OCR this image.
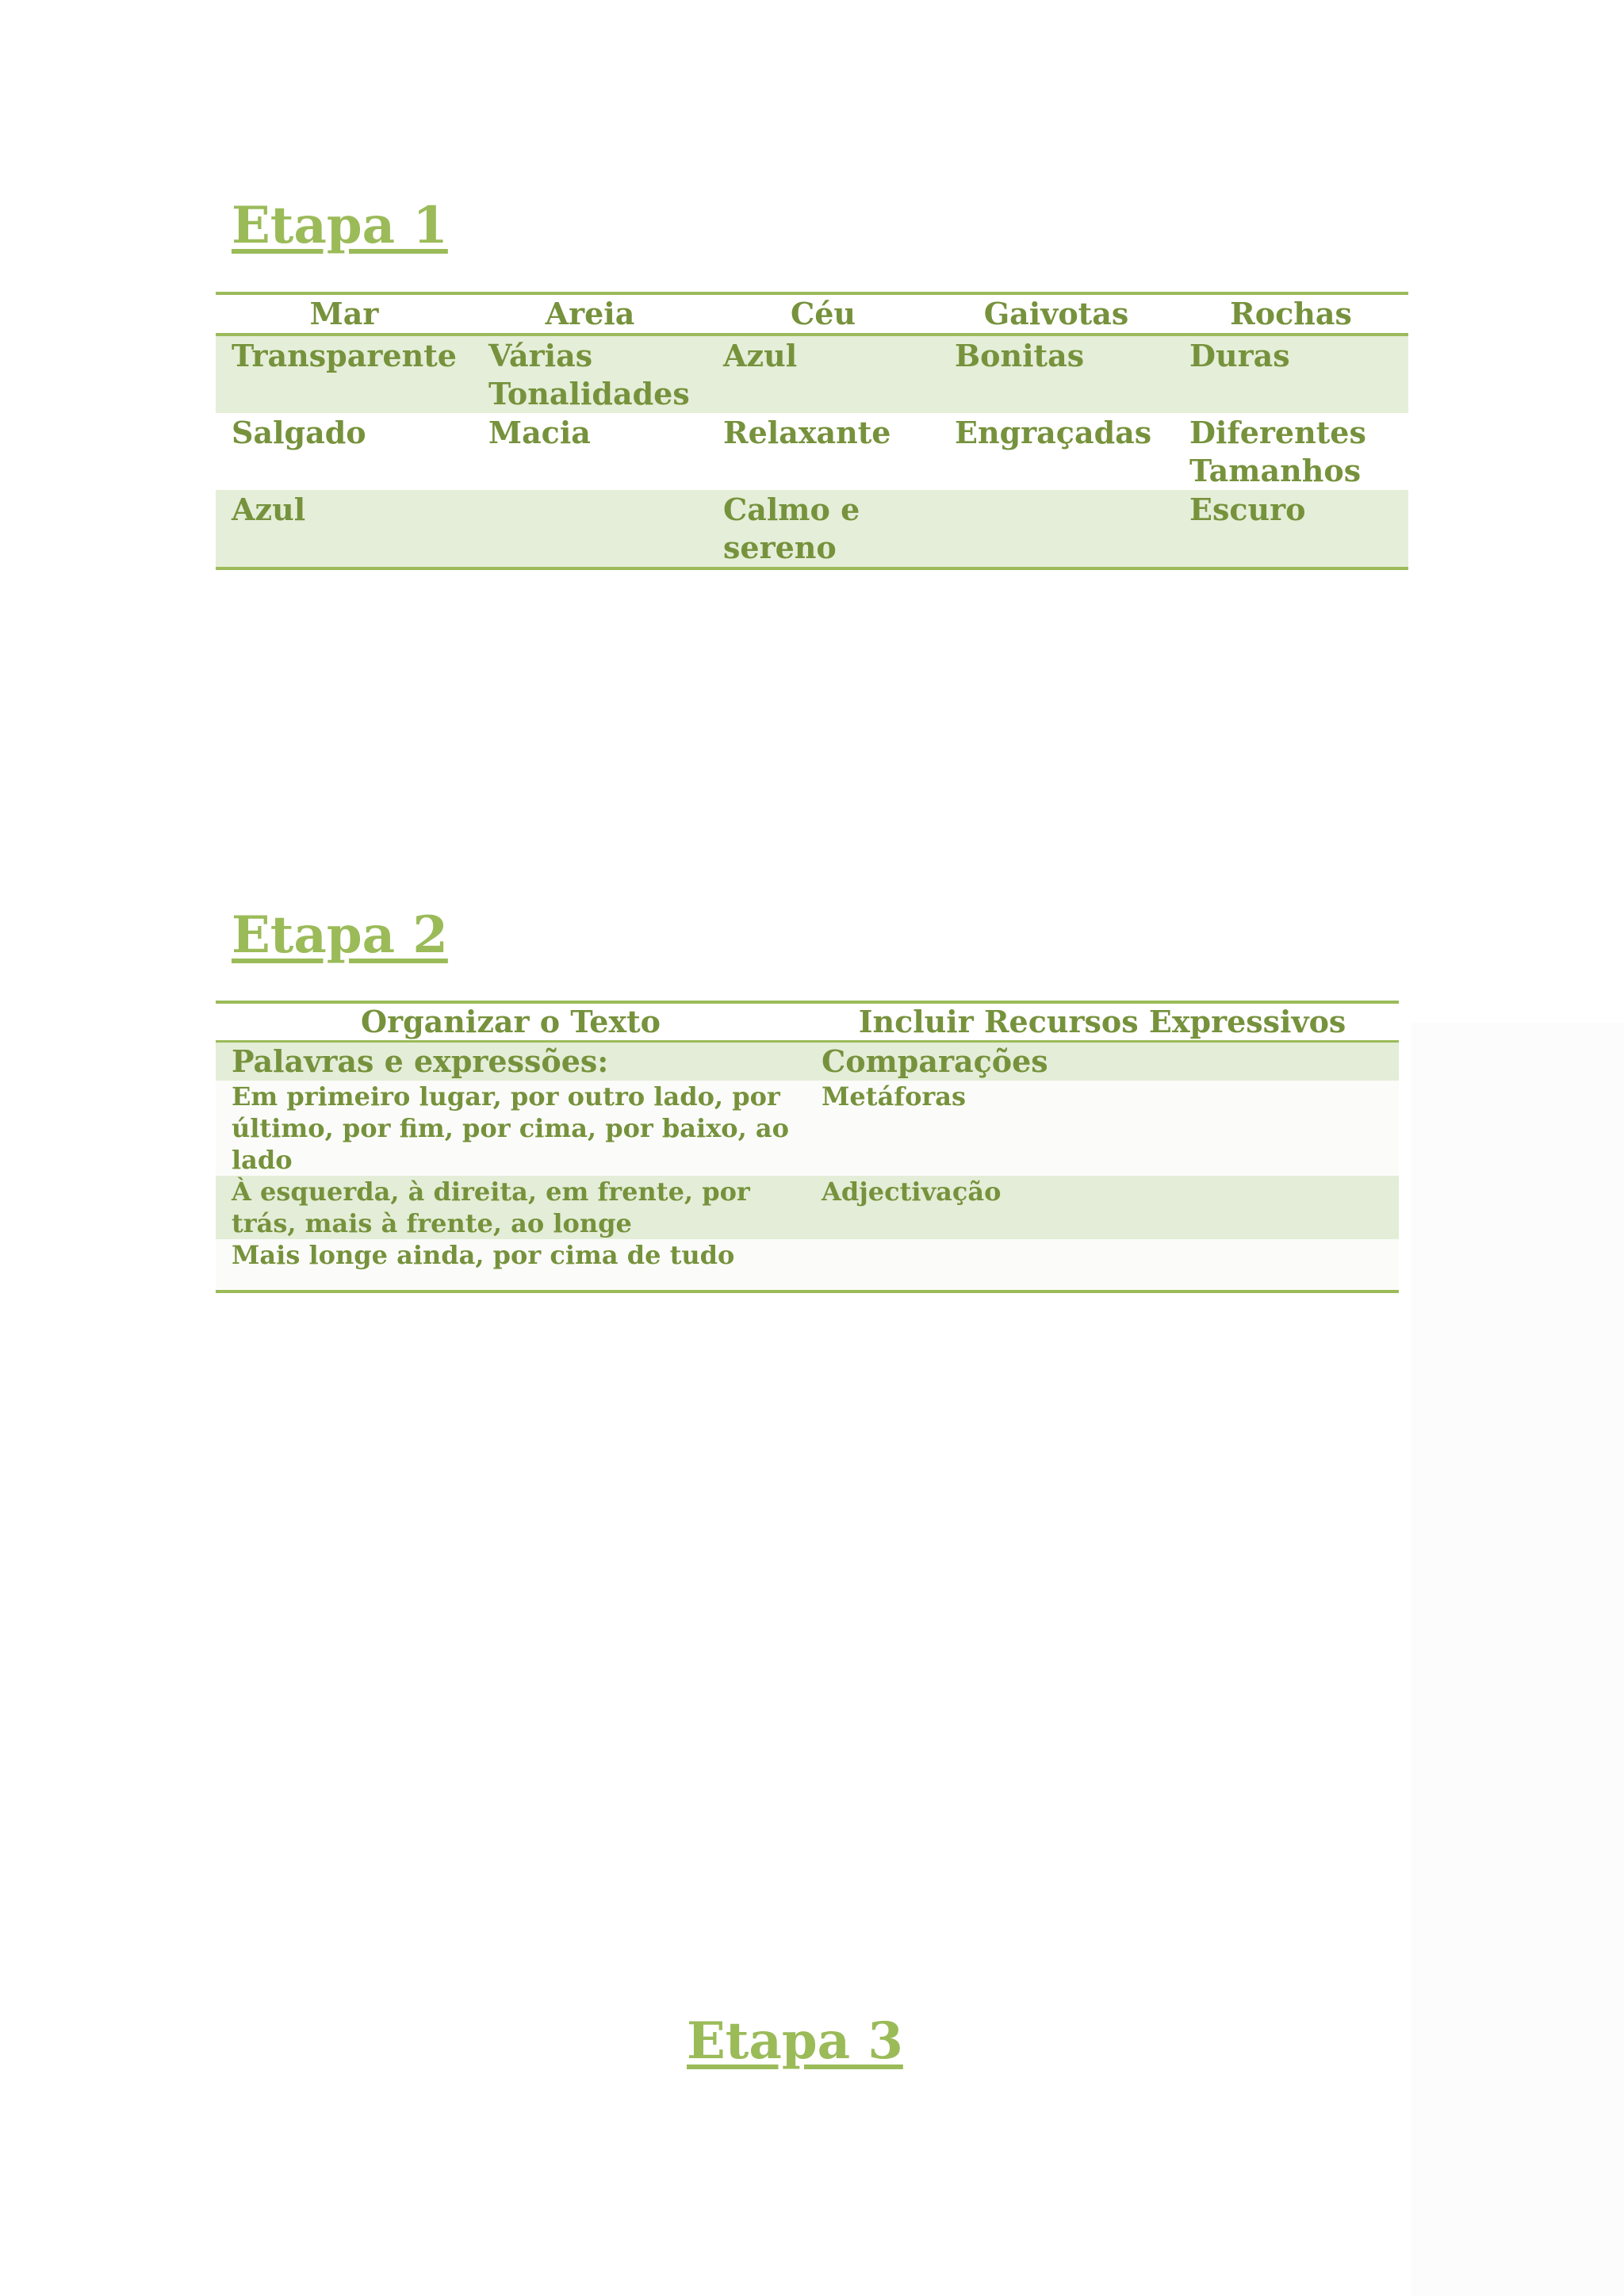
Etapa 1
Mar	Areia	Céu	Gaivotas	Rochas
Transparente	Várias Tonalidades	Azul	Bonitas	Duras
Salgado	Macia	Relaxante	Engraçadas	Diferentes Tamanhos
Azul		Calmo e sereno		Escuro
Etapa 2
Organizar o Texto	Incluir Recursos Expressivos
Palavras e expressões:	Comparações
Em primeiro lugar, por outro lado, por último, por fim, por cima, por baixo, ao lado	Metáforas
À esquerda, à direita, em frente, por trás, mais à frente, ao longe	Adjectivação
Mais longe ainda, por cima de tudo	
Etapa 3
